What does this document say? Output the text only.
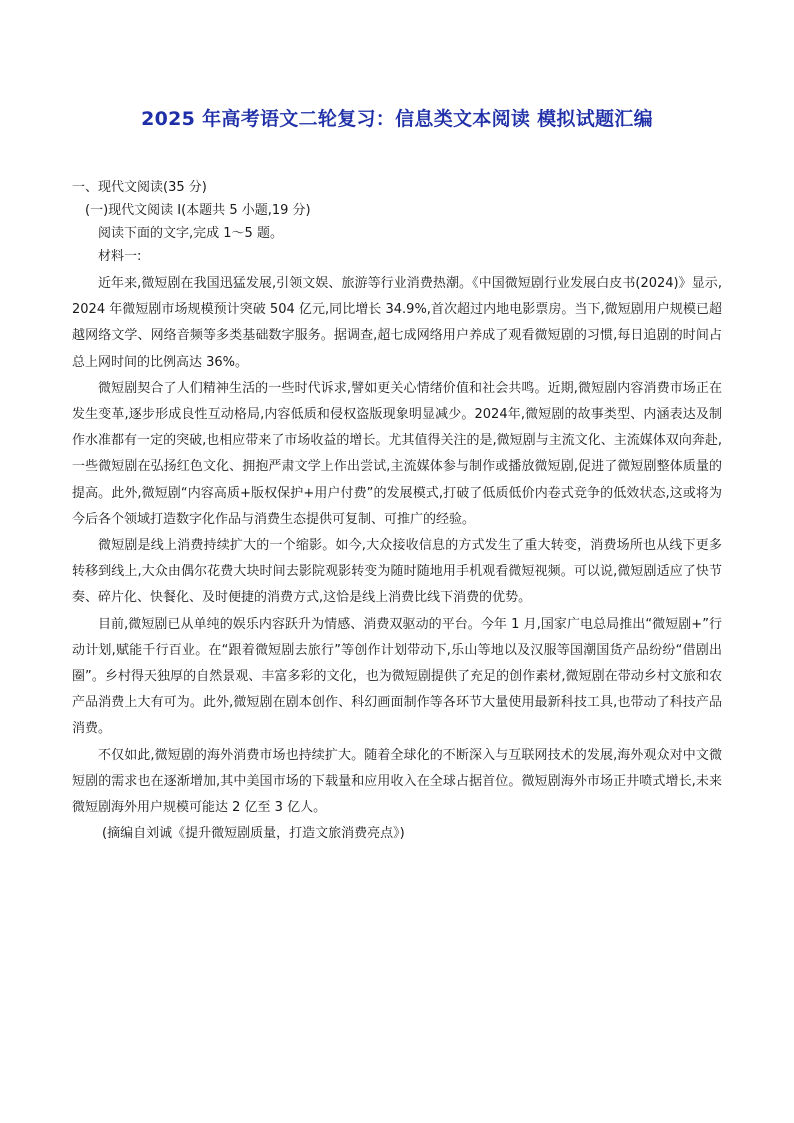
2025 年高考语文二轮复习：信息类文本阅读 模拟试题汇编

一、现代文阅读(35 分)

(一)现代文阅读 I(本题共 5 小题,19 分)

阅读下面的文字,完成 1～5 题。

材料一:

近年来,微短剧在我国迅猛发展,引领文娱、旅游等行业消费热潮。《中国微短剧行业发展白皮书(2024)》显示,2024 年微短剧市场规模预计突破 504 亿元,同比增长 34.9%,首次超过内地电影票房。当下,微短剧用户规模已超越网络文学、网络音频等多类基础数字服务。据调查,超七成网络用户养成了观看微短剧的习惯,每日追剧的时间占总上网时间的比例高达 36%。

微短剧契合了人们精神生活的一些时代诉求,譬如更关心情绪价值和社会共鸣。近期,微短剧内容消费市场正在发生变革,逐步形成良性互动格局,内容低质和侵权盗版现象明显减少。2024年,微短剧的故事类型、内涵表达及制作水准都有一定的突破,也相应带来了市场收益的增长。尤其值得关注的是,微短剧与主流文化、主流媒体双向奔赴,一些微短剧在弘扬红色文化、拥抱严肃文学上作出尝试,主流媒体参与制作或播放微短剧,促进了微短剧整体质量的提高。此外,微短剧“内容高质+版权保护+用户付费”的发展模式,打破了低质低价内卷式竞争的低效状态,这或将为今后各个领域打造数字化作品与消费生态提供可复制、可推广的经验。

微短剧是线上消费持续扩大的一个缩影。如今,大众接收信息的方式发生了重大转变，消费场所也从线下更多转移到线上,大众由偶尔花费大块时间去影院观影转变为随时随地用手机观看微短视频。可以说,微短剧适应了快节奏、碎片化、快餐化、及时便捷的消费方式,这恰是线上消费比线下消费的优势。

目前,微短剧已从单纯的娱乐内容跃升为情感、消费双驱动的平台。今年 1 月,国家广电总局推出“微短剧+”行动计划,赋能千行百业。在“跟着微短剧去旅行”等创作计划带动下,乐山等地以及汉服等国潮国货产品纷纷“借剧出圈”。乡村得天独厚的自然景观、丰富多彩的文化，也为微短剧提供了充足的创作素材,微短剧在带动乡村文旅和农产品消费上大有可为。此外,微短剧在剧本创作、科幻画面制作等各环节大量使用最新科技工具,也带动了科技产品消费。

不仅如此,微短剧的海外消费市场也持续扩大。随着全球化的不断深入与互联网技术的发展,海外观众对中文微短剧的需求也在逐渐增加,其中美国市场的下载量和应用收入在全球占据首位。微短剧海外市场正井喷式增长,未来微短剧海外用户规模可能达 2 亿至 3 亿人。

(摘编自刘诚《提升微短剧质量，打造文旅消费亮点》)
